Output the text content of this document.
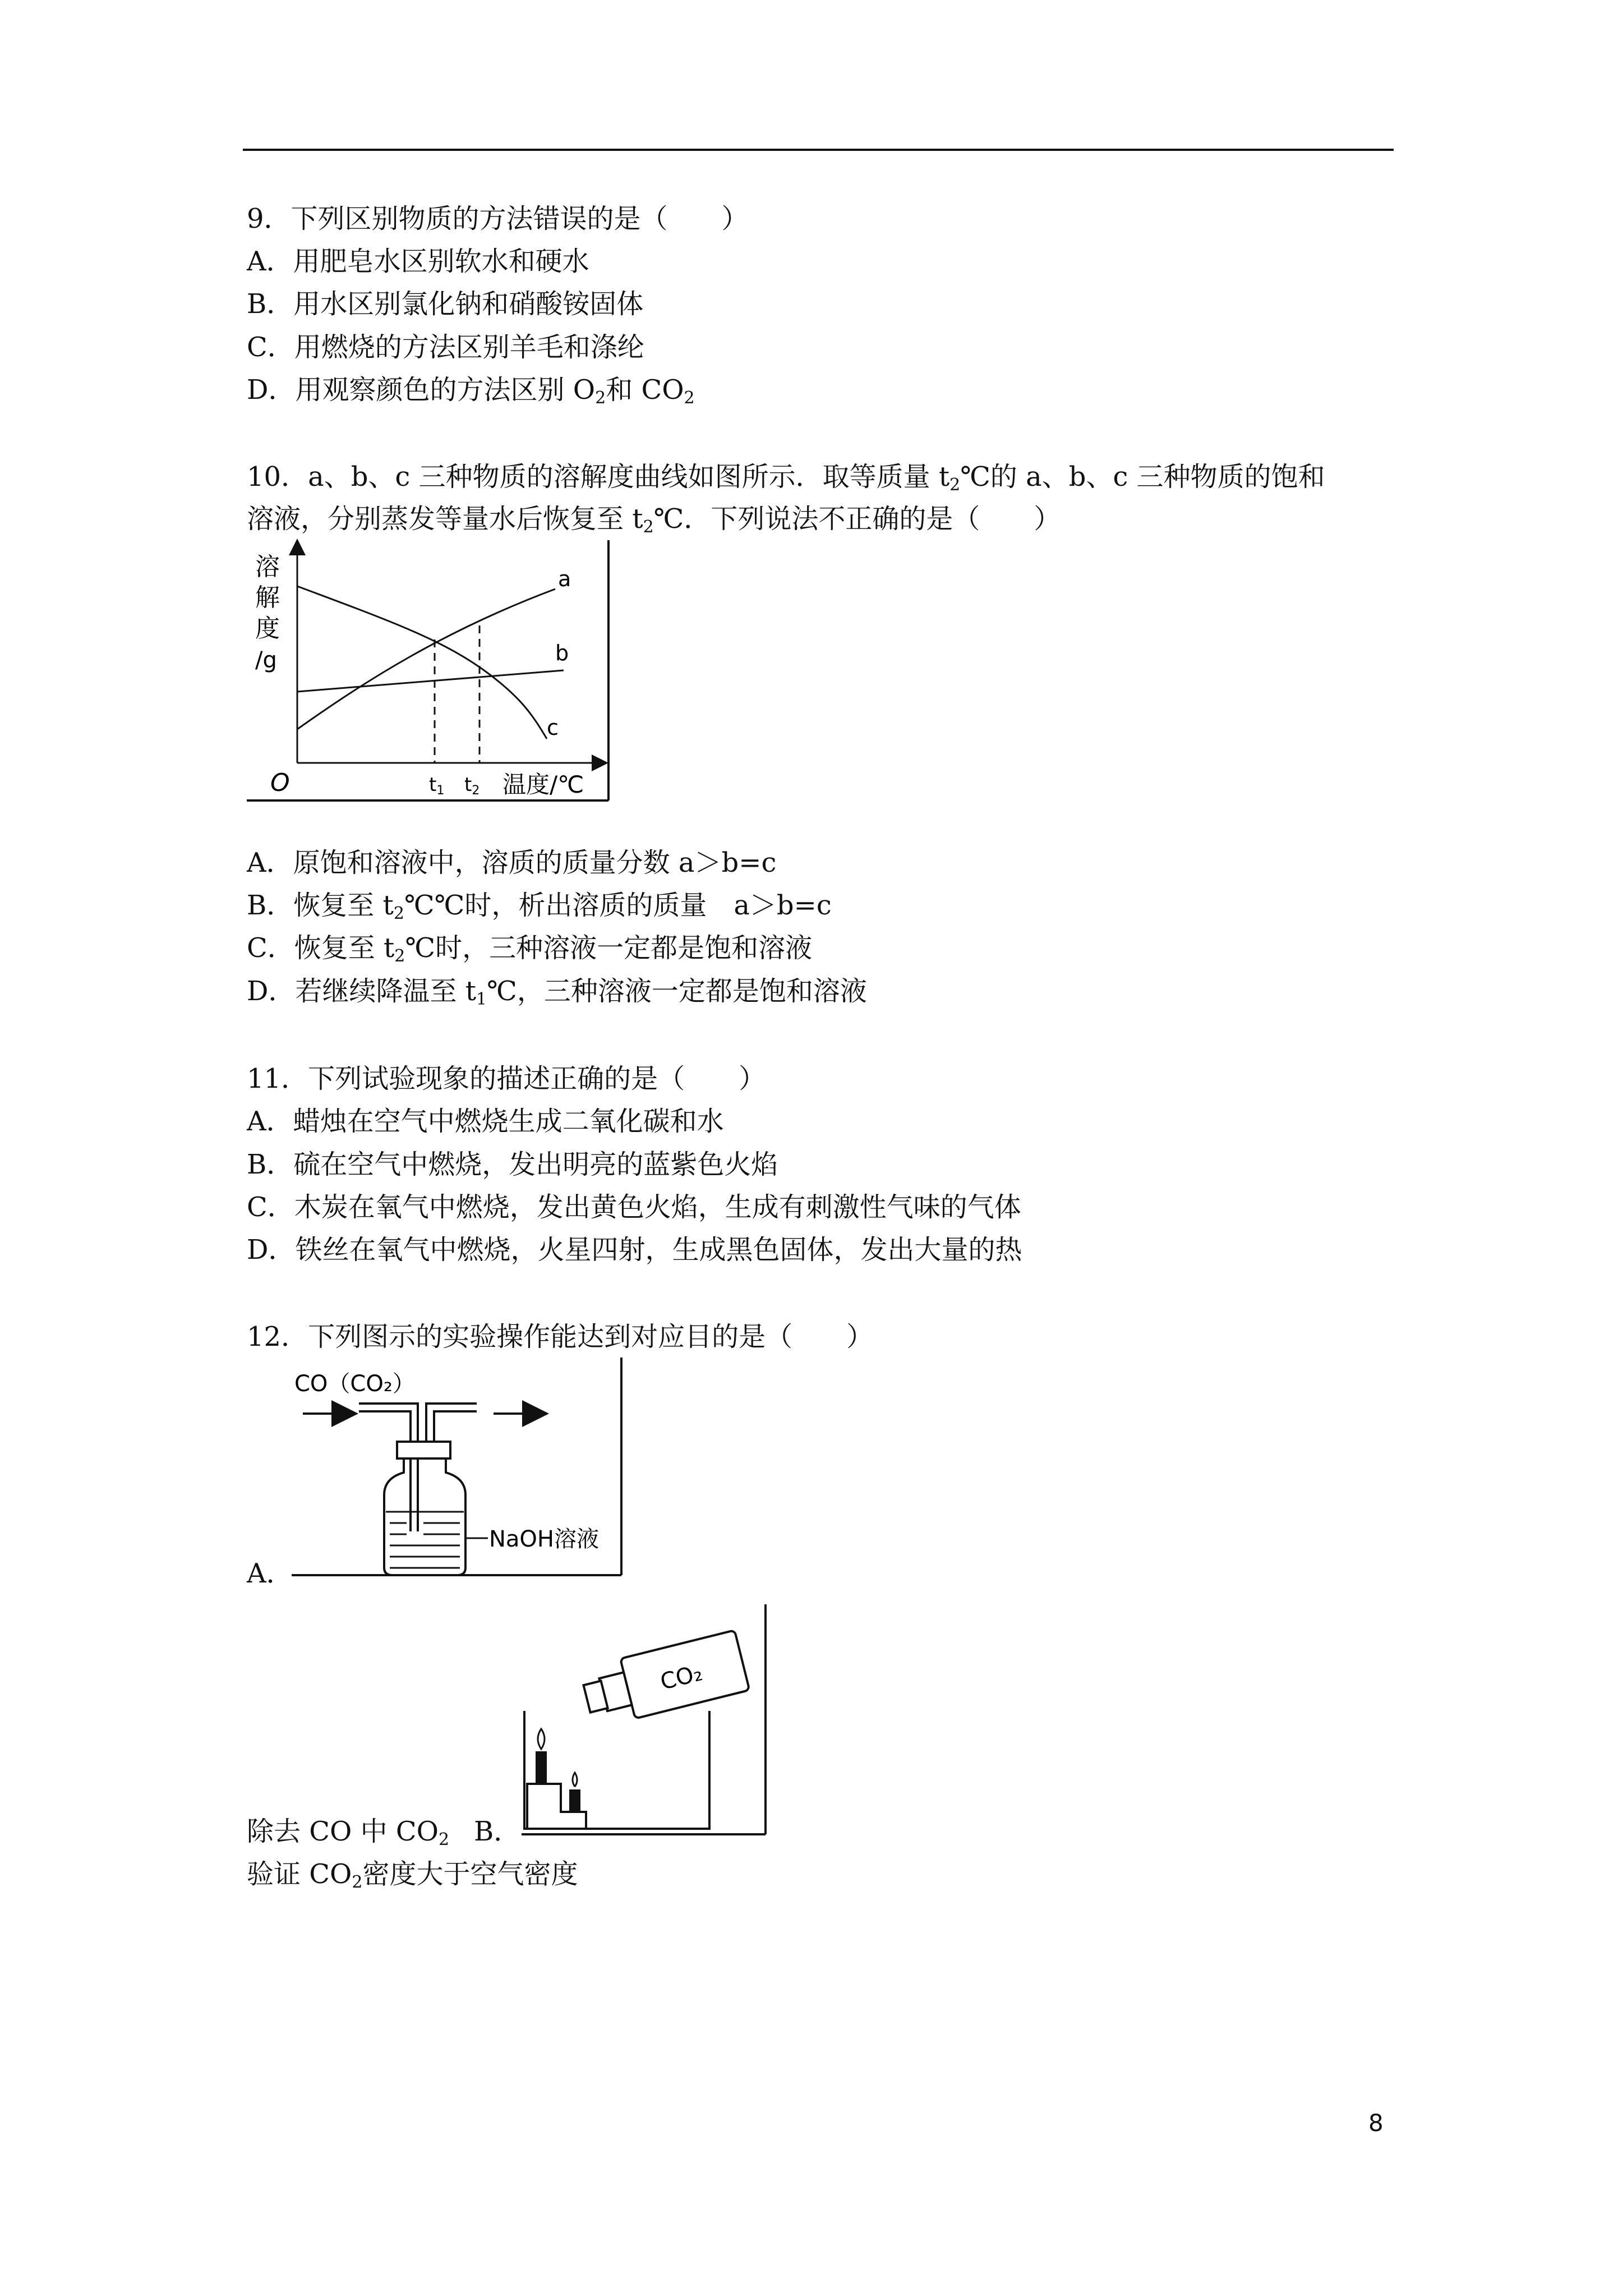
9．下列区别物质的方法错误的是（　　）
A．用肥皂水区别软水和硬水
B．用水区别氯化钠和硝酸铵固体
C．用燃烧的方法区别羊毛和涤纶
D．用观察颜色的方法区别 $O_2$和 $CO_2$
10．a、b、c 三种物质的溶解度曲线如图所示．取等质量 $t_2℃$的 a、b、c 三种物质的饱和
溶液，分别蒸发等量水后恢复至 $t_2℃$．下列说法不正确的是（　　）
溶
解
度
/g
O	t1 t2 温度/℃
a
b
c
A．原饱和溶液中，溶质的质量分数 a＞b=c
B．恢复至 $t_2℃℃$时，析出溶质的质量　a＞b=c
C．恢复至 $t_2℃$时，三种溶液一定都是饱和溶液
D．若继续降温至 $t_1℃$，三种溶液一定都是饱和溶液
11．下列试验现象的描述正确的是（　　）
A．蜡烛在空气中燃烧生成二氧化碳和水
B．硫在空气中燃烧，发出明亮的蓝紫色火焰
C．木炭在氧气中燃烧，发出黄色火焰，生成有刺激性气味的气体
D．铁丝在氧气中燃烧，火星四射，生成黑色固体，发出大量的热
12．下列图示的实验操作能达到对应目的是（　　）
CO（CO₂）
NaOH溶液
A．
CO₂
除去 CO 中 $CO_2$ B．
验证 $CO_2$密度大于空气密度
8
